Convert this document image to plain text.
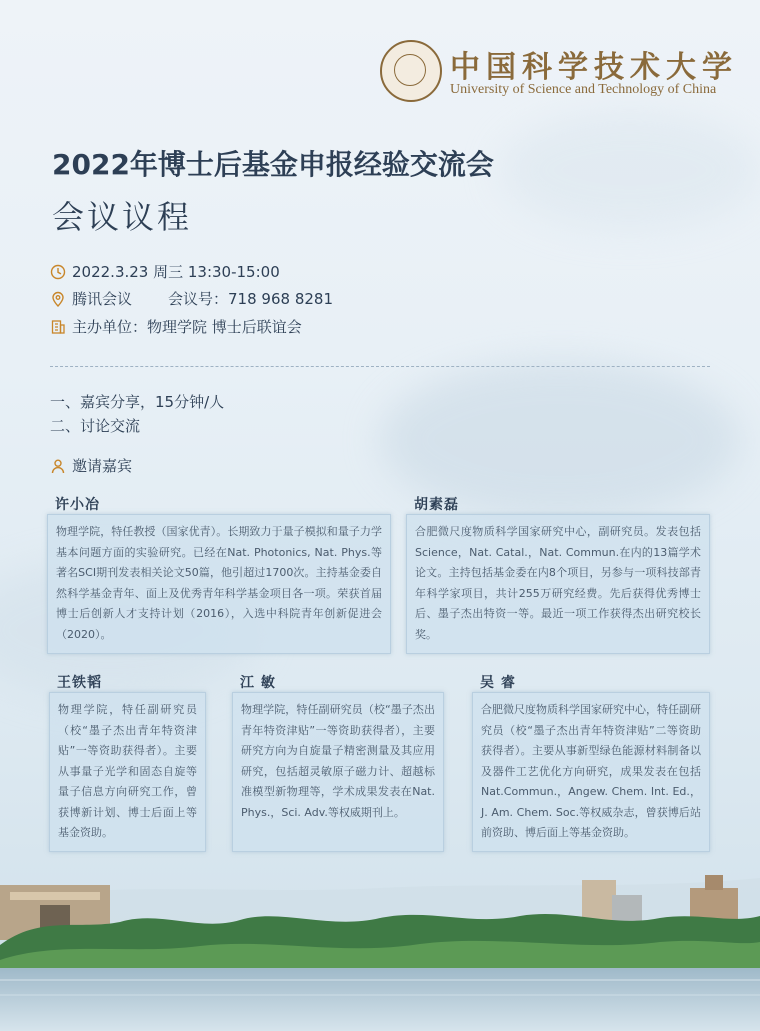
中国科学技术大学
University of Science and Technology of China
2022年博士后基金申报经验交流会
会议议程
2022.3.23 周三 13:30-15:00
腾讯会议 会议号：718 968 8281
主办单位：物理学院 博士后联谊会
一、嘉宾分享，15分钟/人
二、讨论交流
邀请嘉宾
许小冶

物理学院，特任教授（国家优青）。长期致力于量子模拟和量子力学基本问题方面的实验研究。已经在Nat. Photonics, Nat. Phys.等著名SCI期刊发表相关论文50篇，他引超过1700次。主持基金委自然科学基金青年、面上及优秀青年科学基金项目各一项。荣获首届博士后创新人才支持计划（2016），入选中科院青年创新促进会（2020）。

胡素磊

合肥微尺度物质科学国家研究中心，副研究员。发表包括Science，Nat. Catal.，Nat. Commun.在内的13篇学术论文。主持包括基金委在内8个项目，另参与一项科技部青年科学家项目，共计255万研究经费。先后获得优秀博士后、墨子杰出特资一等。最近一项工作获得杰出研究校长奖。

王铁韬

物理学院，特任副研究员（校“墨子杰出青年特资津贴”一等资助获得者）。主要从事量子光学和固态自旋等量子信息方向研究工作，曾获博新计划、博士后面上等基金资助。

江 敏

物理学院，特任副研究员（校“墨子杰出青年特资津贴”一等资助获得者），主要研究方向为自旋量子精密测量及其应用研究，包括超灵敏原子磁力计、超越标准模型新物理等，学术成果发表在Nat. Phys.，Sci. Adv.等权威期刊上。

吴 睿

合肥微尺度物质科学国家研究中心，特任副研究员（校“墨子杰出青年特资津贴”二等资助获得者）。主要从事新型绿色能源材料制备以及器件工艺优化方向研究，成果发表在包括Nat.Commun.，Angew. Chem. Int. Ed.，J. Am. Chem. Soc.等权威杂志，曾获博后站前资助、博后面上等基金资助。
